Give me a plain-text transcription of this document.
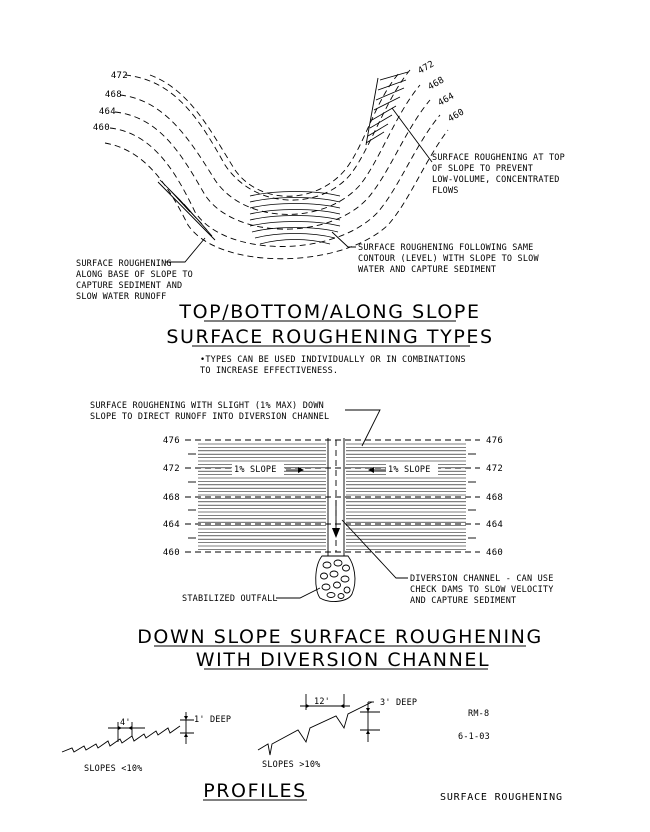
472
468
464
460
472
468
464
460
SURFACE ROUGHENING AT TOP
OF SLOPE TO PREVENT
LOW-VOLUME, CONCENTRATED
FLOWS
SURFACE ROUGHENING FOLLOWING SAME
CONTOUR (LEVEL) WITH SLOPE TO SLOW
WATER AND CAPTURE SEDIMENT
SURFACE ROUGHENING
ALONG BASE OF SLOPE TO
CAPTURE SEDIMENT AND
SLOW WATER RUNOFF
TOP/BOTTOM/ALONG SLOPE
SURFACE ROUGHENING TYPES
•TYPES CAN BE USED INDIVIDUALLY OR IN COMBINATIONS
TO INCREASE EFFECTIVENESS.
SURFACE ROUGHENING WITH SLIGHT (1% MAX) DOWN
SLOPE TO DIRECT RUNOFF INTO DIVERSION CHANNEL
1% SLOPE	1% SLOPE
476
472
468
464
460
476
472
468
464
460
STABILIZED OUTFALL
DIVERSION CHANNEL - CAN USE
CHECK DAMS TO SLOW VELOCITY
AND CAPTURE SEDIMENT
DOWN SLOPE SURFACE ROUGHENING
WITH DIVERSION CHANNEL
4'	1' DEEP
SLOPES <10%
12'	3' DEEP
SLOPES >10%
RM-8
6-1-03
PROFILES	SURFACE ROUGHENING
